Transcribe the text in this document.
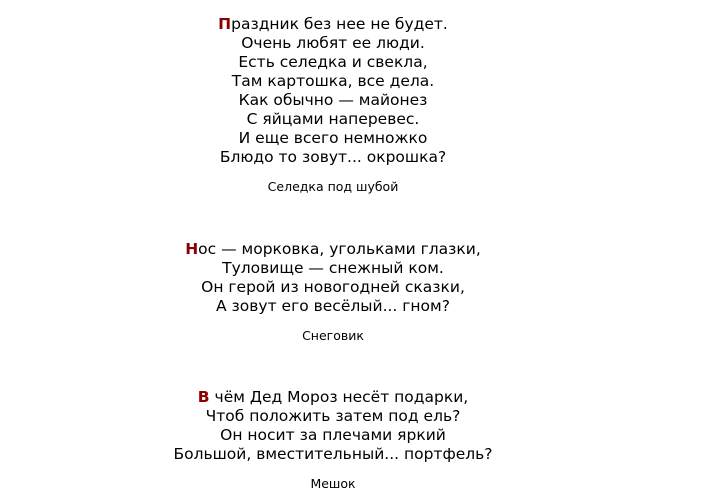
Праздник без нее не будет.
Очень любят ее люди.
Есть селедка и свекла,
Там картошка, все дела.
Как обычно — майонез
С яйцами наперевес.
И еще всего немножко
Блюдо то зовут... окрошка?
Селедка под шубой
Нос — морковка, угольками глазки,
Туловище — снежный ком.
Он герой из новогодней сказки,
А зовут его весёлый... гном?
Снеговик
В чём Дед Мороз несёт подарки,
Чтоб положить затем под ель?
Он носит за плечами яркий
Большой, вместительный... портфель?
Мешок
